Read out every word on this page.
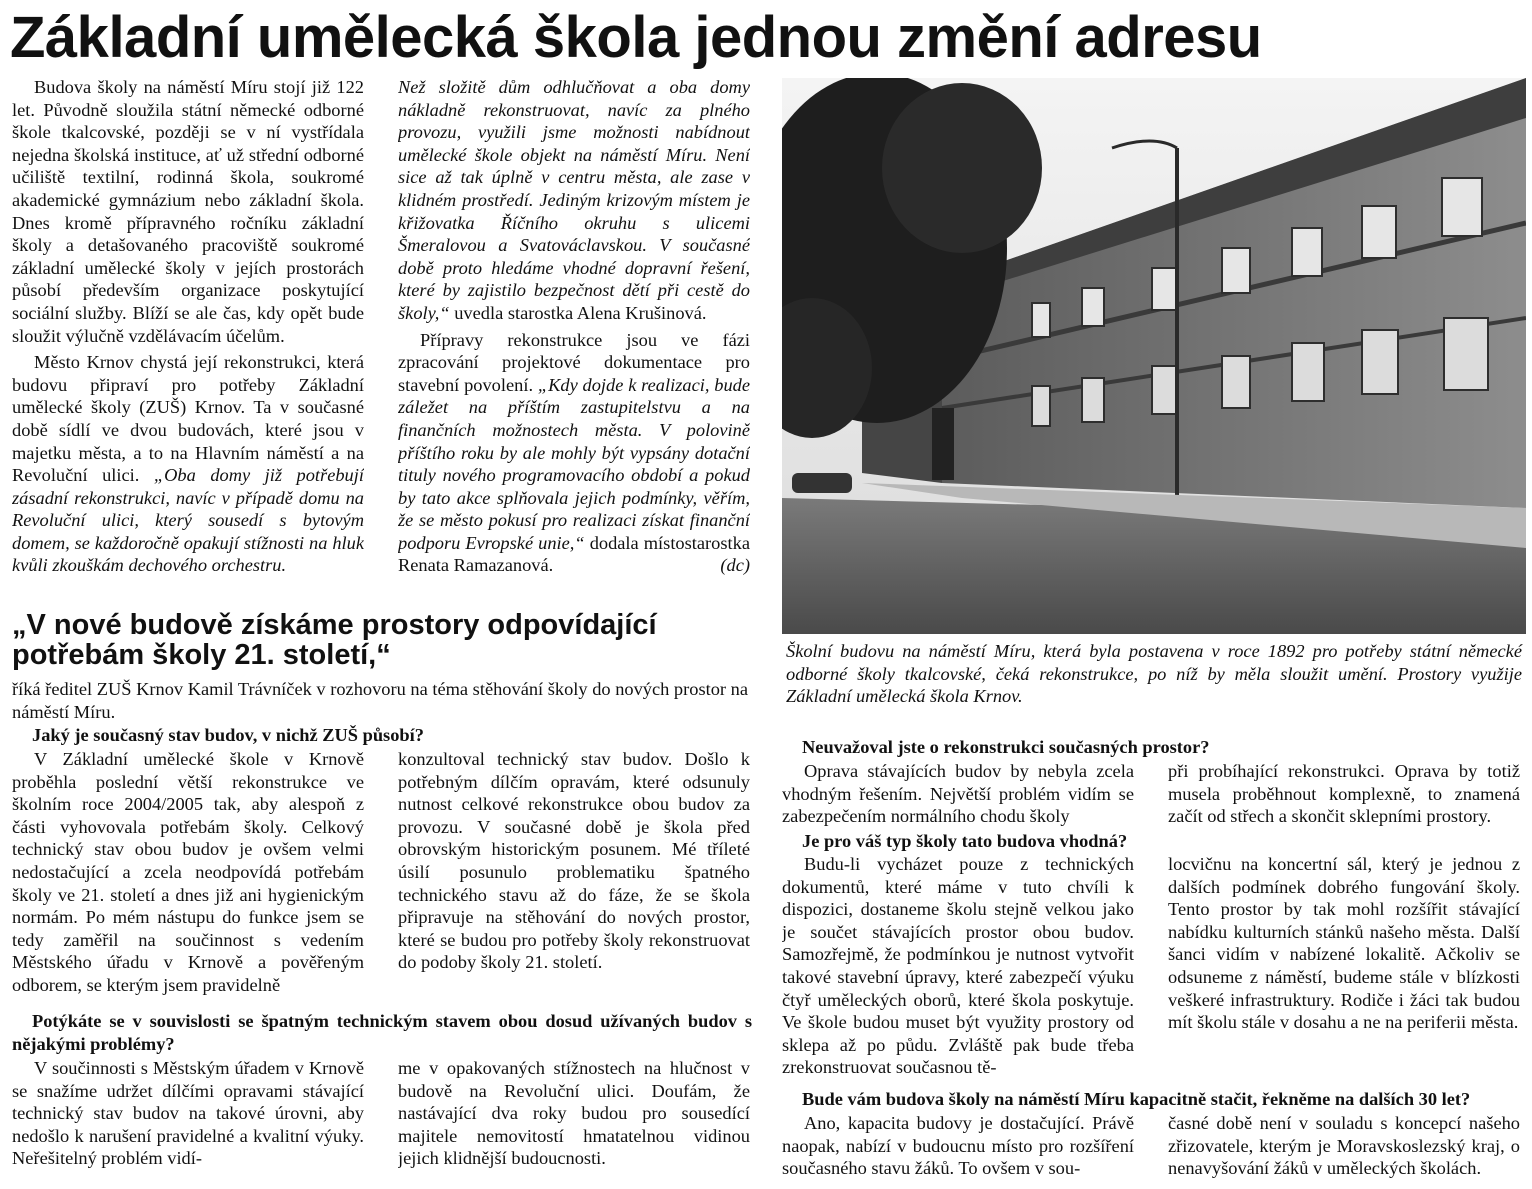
Základní umělecká škola jednou změní adresu

Budova školy na náměstí Míru stojí již 122 let. Původně sloužila státní německé odborné škole tkalcovské, později se v ní vystřídala nejedna školská instituce, ať už střední odborné učiliště textilní, rodinná škola, soukromé akademické gymnázium nebo základní škola. Dnes kromě přípravného ročníku základní školy a detašovaného pracoviště soukromé základní umělecké školy v jejích prostorách působí především organizace poskytující sociální služby. Blíží se ale čas, kdy opět bude sloužit výlučně vzdělávacím účelům.

Město Krnov chystá její rekonstrukci, která budovu připraví pro potřeby Základní umělecké školy (ZUŠ) Krnov. Ta v současné době sídlí ve dvou budovách, které jsou v majetku města, a to na Hlavním náměstí a na Revoluční ulici. „Oba domy již potřebují zásadní rekonstrukci, navíc v případě domu na Revoluční ulici, který sousedí s bytovým domem, se každoročně opakují stížnosti na hluk kvůli zkouškám dechového orchestru.

Než složitě dům odhlučňovat a oba domy nákladně rekonstruovat, navíc za plného provozu, využili jsme možnosti nabídnout umělecké škole objekt na náměstí Míru. Není sice až tak úplně v centru města, ale zase v klidném prostředí. Jediným krizovým místem je křižovatka Říčního okruhu s ulicemi Šmeralovou a Svatováclavskou. V současné době proto hledáme vhodné dopravní řešení, které by zajistilo bezpečnost dětí při cestě do školy,“ uvedla starostka Alena Krušinová.

Přípravy rekonstrukce jsou ve fázi zpracování projektové dokumentace pro stavební povolení. „Kdy dojde k realizaci, bude záležet na příštím zastupitelstvu a na finančních možnostech města. V polovině příštího roku by ale mohly být vypsány dotační tituly nového programovacího období a pokud by tato akce splňovala jejich podmínky, věřím, že se město pokusí pro realizaci získat finanční podporu Evropské unie,“ dodala místostarostka Renata Ramazanová.	(dc)

Školní budovu na náměstí Míru, která byla postavena v roce 1892 pro potřeby státní německé odborné školy tkalcovské, čeká rekonstrukce, po níž by měla sloužit umění. Prostory využije Základní umělecká škola Krnov.
„V nové budově získáme prostory odpovídající potřebám školy 21. století,“
říká ředitel ZUŠ Krnov Kamil Trávníček v rozhovoru na téma stěhování školy do nových prostor na náměstí Míru.
Jaký je současný stav budov, v nichž ZUŠ působí?

V Základní umělecké škole v Krnově proběhla poslední větší rekonstrukce ve školním roce 2004/2005 tak, aby alespoň z části vyhovovala potřebám školy. Celkový technický stav obou budov je ovšem velmi nedostačující a zcela neodpovídá potřebám školy ve 21. století a dnes již ani hygienickým normám. Po mém nástupu do funkce jsem se tedy zaměřil na součinnost s vedením Městského úřadu v Krnově a pověřeným odborem, se kterým jsem pravidelně

konzultoval technický stav budov. Došlo k potřebným dílčím opravám, které odsunuly nutnost celkové rekonstrukce obou budov za provozu. V současné době je škola před obrovským historickým posunem. Mé tříleté úsilí posunulo problematiku špatného technického stavu až do fáze, že se škola připravuje na stěhování do nových prostor, které se budou pro potřeby školy rekonstruovat do podoby školy 21. století.

Potýkáte se v souvislosti se špatným technickým stavem obou dosud užívaných budov s nějakými problémy?

V součinnosti s Městským úřadem v Krnově se snažíme udržet dílčími opravami stávající technický stav budov na takové úrovni, aby nedošlo k narušení pravidelné a kvalitní výuky. Neřešitelný problém vidí-

me v opakovaných stížnostech na hlučnost v budově na Revoluční ulici. Doufám, že nastávající dva roky budou pro sousedící majitele nemovitostí hmatatelnou vidinou jejich klidnější budoucnosti.

Neuvažoval jste o rekonstrukci současných prostor?

Oprava stávajících budov by nebyla zcela vhodným řešením. Největší problém vidím se zabezpečením normálního chodu školy

při probíhající rekonstrukci. Oprava by totiž musela proběhnout komplexně, to znamená začít od střech a skončit sklepními prostory.

Je pro váš typ školy tato budova vhodná?

Budu-li vycházet pouze z technických dokumentů, které máme v tuto chvíli k dispozici, dostaneme školu stejně velkou jako je součet stávajících prostor obou budov. Samozřejmě, že podmínkou je nutnost vytvořit takové stavební úpravy, které zabezpečí výuku čtyř uměleckých oborů, které škola poskytuje. Ve škole budou muset být využity prostory od sklepa až po půdu. Zvláště pak bude třeba zrekonstruovat současnou tě-

locvičnu na koncertní sál, který je jednou z dalších podmínek dobrého fungování školy. Tento prostor by tak mohl rozšířit stávající nabídku kulturních stánků našeho města. Další šanci vidím v nabízené lokalitě. Ačkoliv se odsuneme z náměstí, budeme stále v blízkosti veškeré infrastruktury. Rodiče i žáci tak budou mít školu stále v dosahu a ne na periferii města.

Bude vám budova školy na náměstí Míru kapacitně stačit, řekněme na dalších 30 let?

Ano, kapacita budovy je dostačující. Právě naopak, nabízí v budoucnu místo pro rozšíření současného stavu žáků. To ovšem v sou-

časné době není v souladu s koncepcí našeho zřizovatele, kterým je Moravskoslezský kraj, o nenavyšování žáků v uměleckých školách.
